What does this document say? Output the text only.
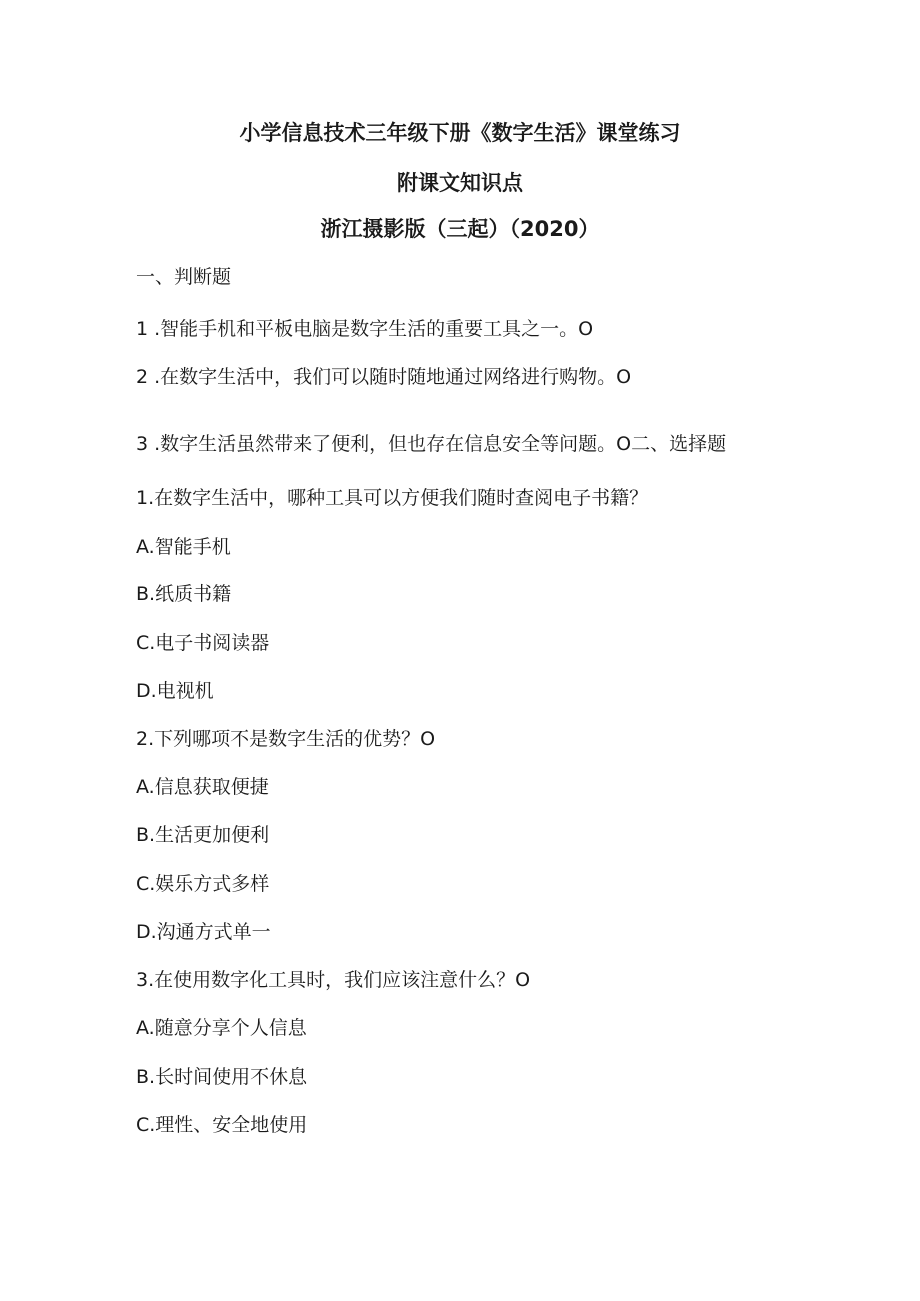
小学信息技术三年级下册《数字生活》课堂练习
附课文知识点
浙江摄影版（三起）（2020）
一、判断题
1 .智能手机和平板电脑是数字生活的重要工具之一。O
2 .在数字生活中，我们可以随时随地通过网络进行购物。O
3 .数字生活虽然带来了便利，但也存在信息安全等问题。O二、选择题
1.在数字生活中，哪种工具可以方便我们随时查阅电子书籍？
A.智能手机
B.纸质书籍
C.电子书阅读器
D.电视机
2.下列哪项不是数字生活的优势？O
A.信息获取便捷
B.生活更加便利
C.娱乐方式多样
D.沟通方式单一
3.在使用数字化工具时，我们应该注意什么？O
A.随意分享个人信息
B.长时间使用不休息
C.理性、安全地使用
